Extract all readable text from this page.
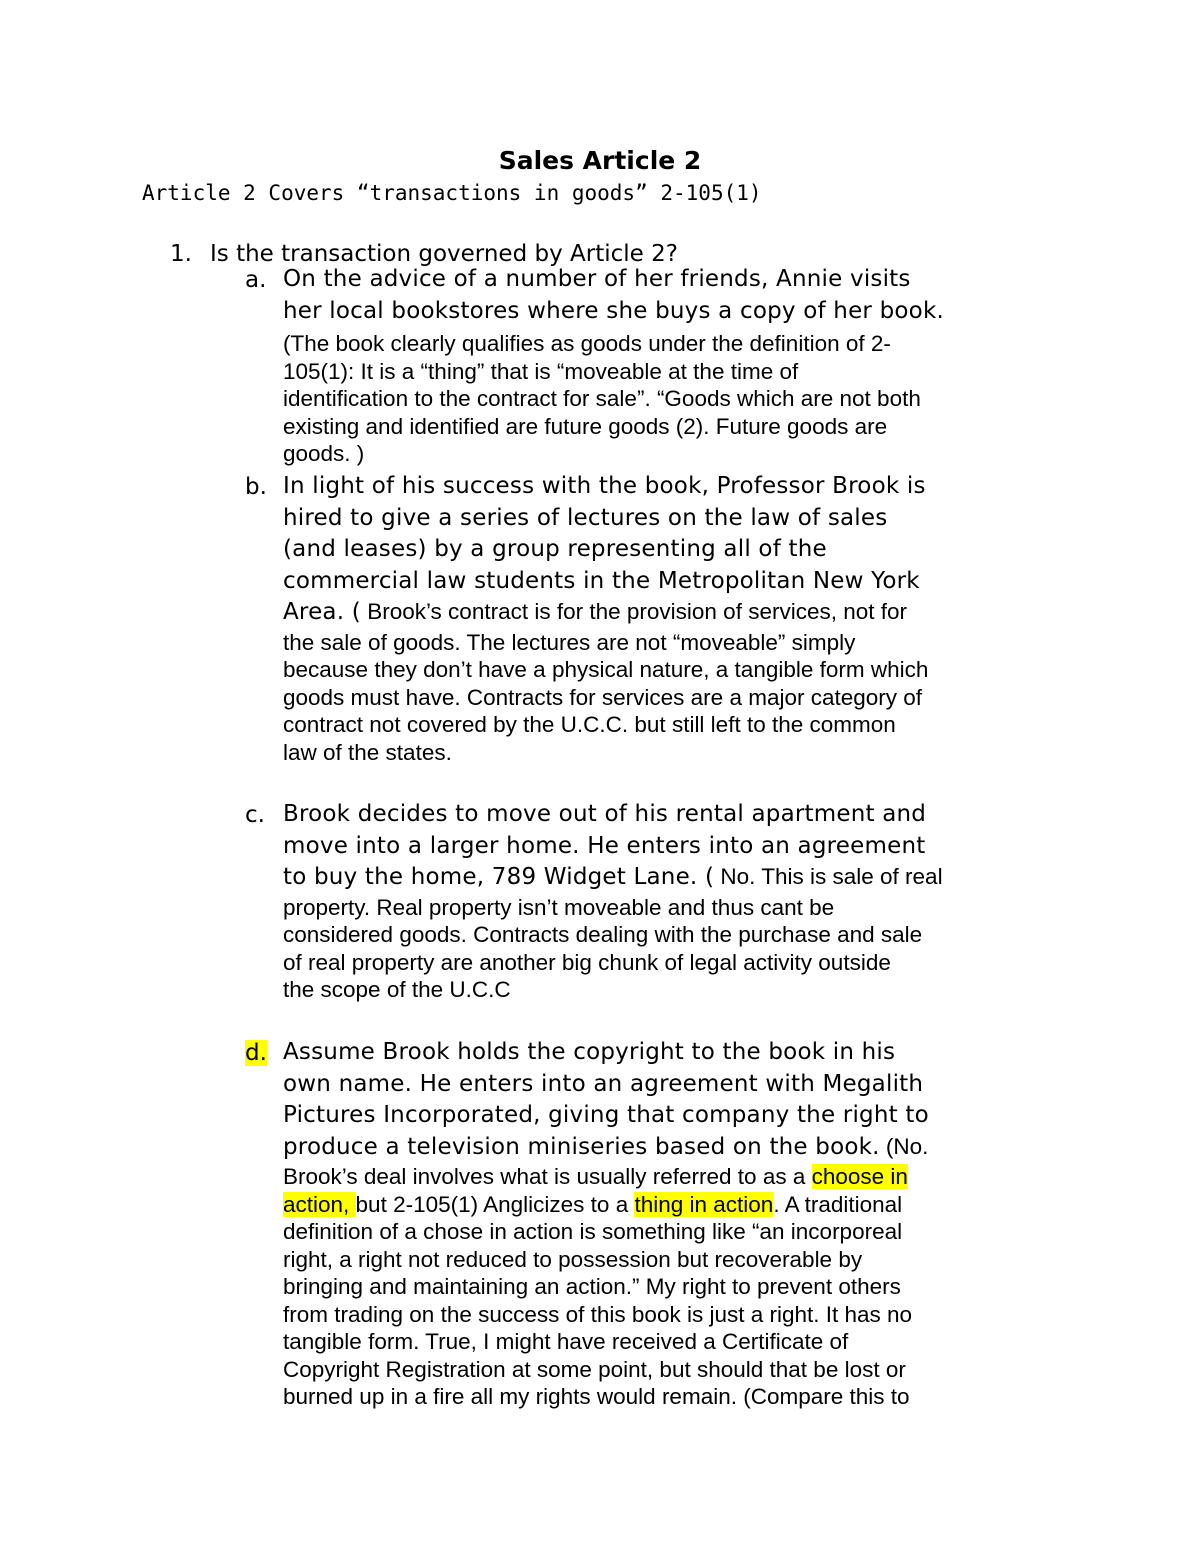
Sales Article 2
Article 2 Covers “transactions in goods” 2-105(1)
1. Is the transaction governed by Article 2?
a. On the advice of a number of her friends, Annie visits
her local bookstores where she buys a copy of her book.
(The book clearly qualifies as goods under the definition of 2-
105(1): It is a “thing” that is “moveable at the time of
identification to the contract for sale”. “Goods which are not both
existing and identified are future goods (2). Future goods are
goods. )
b. In light of his success with the book, Professor Brook is
hired to give a series of lectures on the law of sales
(and leases) by a group representing all of the
commercial law students in the Metropolitan New York
Area. ( Brook’s contract is for the provision of services, not for
the sale of goods. The lectures are not “moveable” simply
because they don’t have a physical nature, a tangible form which
goods must have. Contracts for services are a major category of
contract not covered by the U.C.C. but still left to the common
law of the states.
c. Brook decides to move out of his rental apartment and
move into a larger home. He enters into an agreement
to buy the home, 789 Widget Lane. ( No. This is sale of real
property. Real property isn’t moveable and thus cant be
considered goods. Contracts dealing with the purchase and sale
of real property are another big chunk of legal activity outside
the scope of the U.C.C
d. Assume Brook holds the copyright to the book in his
own name. He enters into an agreement with Megalith
Pictures Incorporated, giving that company the right to
produce a television miniseries based on the book. (No.
Brook’s deal involves what is usually referred to as a choose in
action, but 2-105(1) Anglicizes to a thing in action. A traditional
definition of a chose in action is something like “an incorporeal
right, a right not reduced to possession but recoverable by
bringing and maintaining an action.” My right to prevent others
from trading on the success of this book is just a right. It has no
tangible form. True, I might have received a Certificate of
Copyright Registration at some point, but should that be lost or
burned up in a fire all my rights would remain. (Compare this to
